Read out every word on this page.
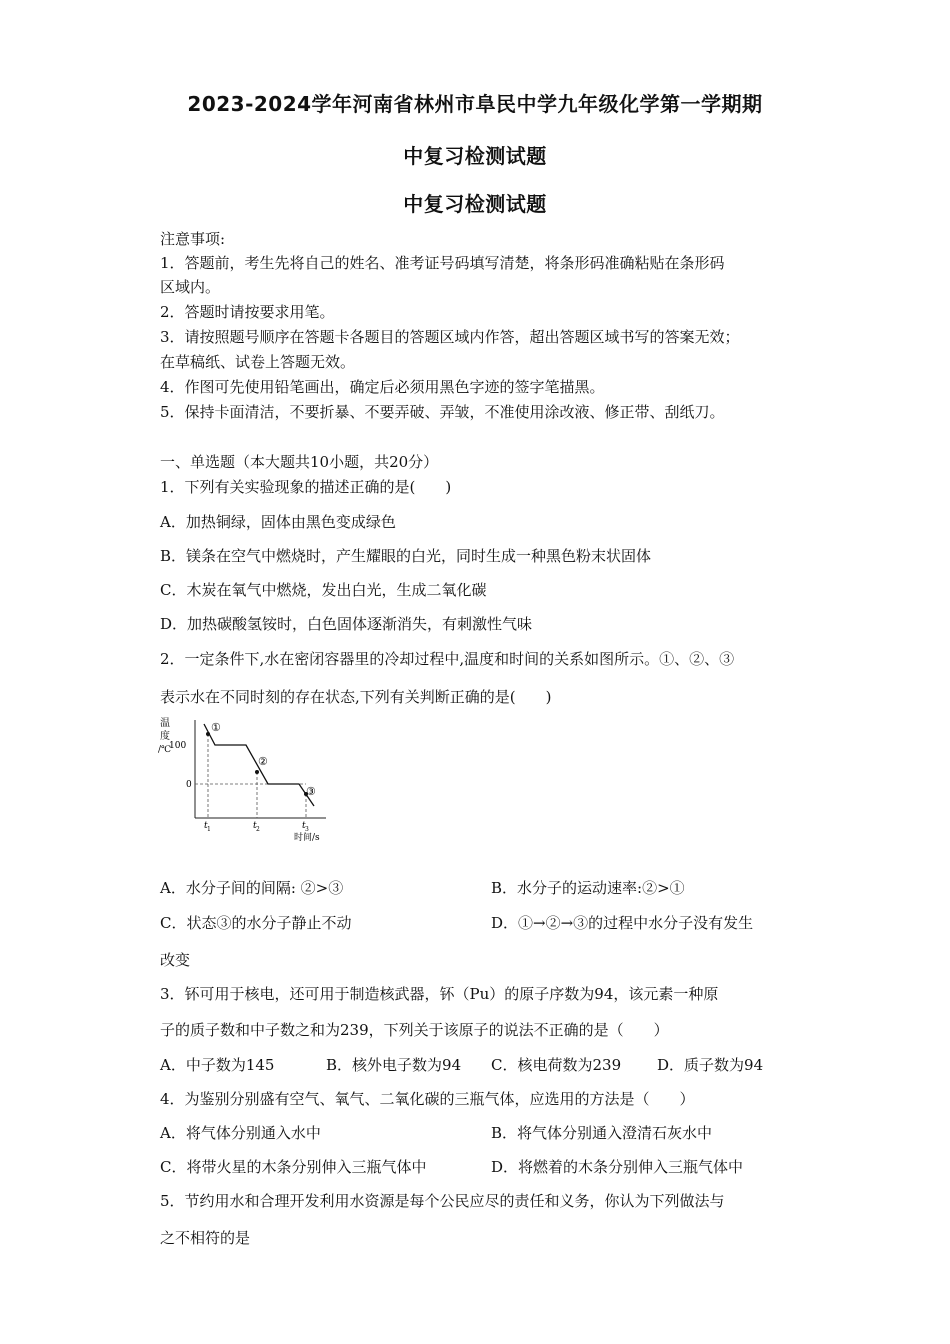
2023-2024学年河南省林州市阜民中学九年级化学第一学期期
中复习检测试题
中复习检测试题
注意事项:
1．答题前，考生先将自己的姓名、准考证号码填写清楚，将条形码准确粘贴在条形码
区域内。
2．答题时请按要求用笔。
3．请按照题号顺序在答题卡各题目的答题区域内作答，超出答题区域书写的答案无效；
在草稿纸、试卷上答题无效。
4．作图可先使用铅笔画出，确定后必须用黑色字迹的签字笔描黑。
5．保持卡面清洁，不要折暴、不要弄破、弄皱，不准使用涂改液、修正带、刮纸刀。
一、单选题（本大题共10小题，共20分）
1．下列有关实验现象的描述正确的是(　　)
A．加热铜绿，固体由黑色变成绿色
B．镁条在空气中燃烧时，产生耀眼的白光，同时生成一种黑色粉末状固体
C．木炭在氧气中燃烧，发出白光，生成二氧化碳
D．加热碳酸氢铵时，白色固体逐渐消失，有刺激性气味
2．一定条件下,水在密闭容器里的冷却过程中,温度和时间的关系如图所示。①、②、③
表示水在不同时刻的存在状态,下列有关判断正确的是(　　)
温
度
/℃
100
0
①
②
③
t 1	t 2	t 3
时间/s
A．水分子间的间隔: ②>③	B．水分子的运动速率:②>①
C．状态③的水分子静止不动	D．①→②→③的过程中水分子没有发生
改变
3．钚可用于核电，还可用于制造核武器，钚（Pu）的原子序数为94，该元素一种原
子的质子数和中子数之和为239，下列关于该原子的说法不正确的是（　　）
A．中子数为145	B．核外电子数为94 C．核电荷数为239 D．质子数为94
4．为鉴别分别盛有空气、氧气、二氧化碳的三瓶气体，应选用的方法是（　　）
A．将气体分别通入水中	B．将气体分别通入澄清石灰水中
C．将带火星的木条分别伸入三瓶气体中	D．将燃着的木条分别伸入三瓶气体中
5．节约用水和合理开发利用水资源是每个公民应尽的责任和义务，你认为下列做法与
之不相符的是
